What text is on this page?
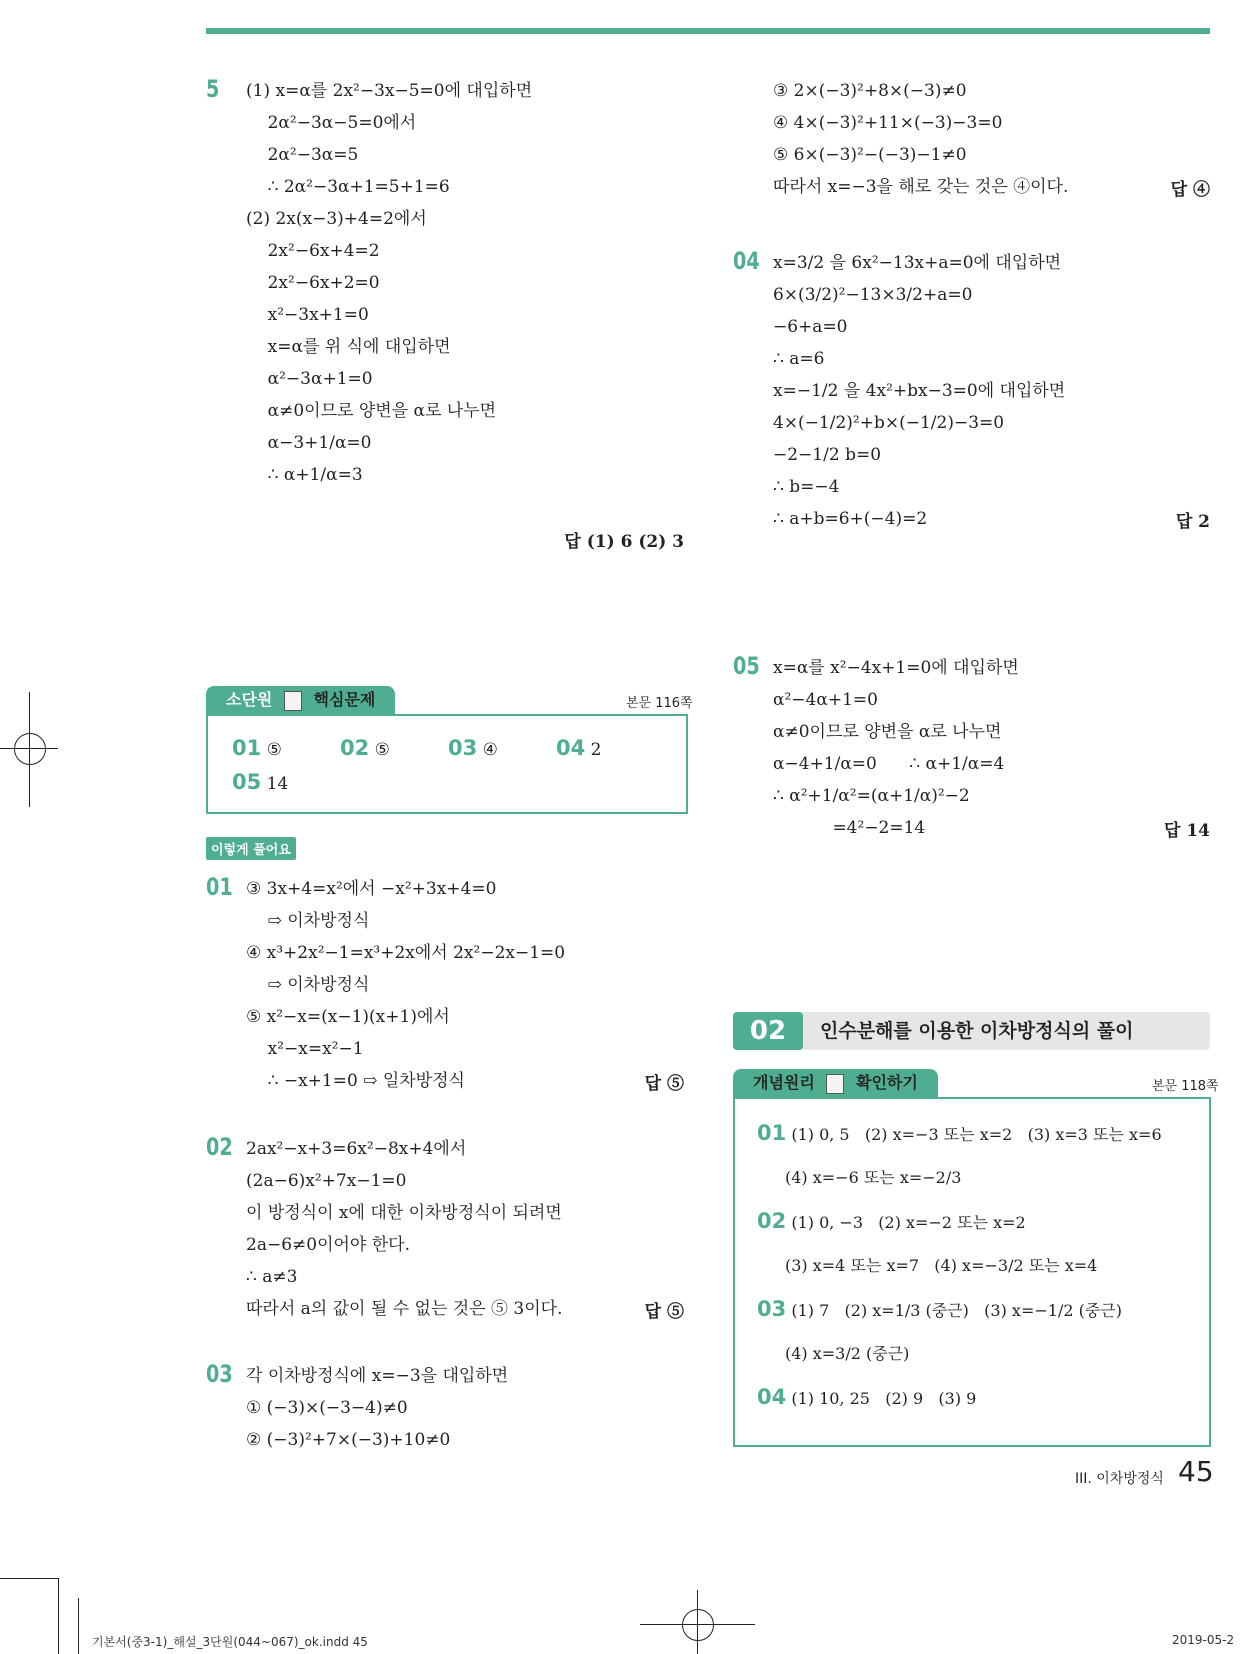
5 (1) x=α를 2x²−3x−5=0에 대입하면
2α²−3α−5=0에서
2α²−3α=5
∴ 2α²−3α+1=5+1=6
(2) 2x(x−3)+4=2에서
2x²−6x+4=2
2x²−6x+2=0
x²−3x+1=0
x=α를 위 식에 대입하면
α²−3α+1=0
α≠0이므로 양변을 α로 나누면
α−3+1/α=0
∴ α+1/α=3
답 (1) 6 (2) 3
01 ③ 3x+4=x²에서 −x²+3x+4=0
⇨ 이차방정식
④ x³+2x²−1=x³+2x에서 2x²−2x−1=0
⇨ 이차방정식
⑤ x²−x=(x−1)(x+1)에서
x²−x=x²−1
∴ −x+1=0 ⇨ 일차방정식	답 ⑤
02 2ax²−x+3=6x²−8x+4에서
(2a−6)x²+7x−1=0
이 방정식이 x에 대한 이차방정식이 되려면
2a−6≠0이어야 한다.
∴ a≠3
따라서 a의 값이 될 수 없는 것은 ⑤ 3이다.	답 ⑤
03 각 이차방정식에 x=−3을 대입하면
① (−3)×(−3−4)≠0
② (−3)²+7×(−3)+10≠0
③ 2×(−3)²+8×(−3)≠0
④ 4×(−3)²+11×(−3)−3=0
⑤ 6×(−3)²−(−3)−1≠0
따라서 x=−3을 해로 갖는 것은 ④이다.	답 ④
04 x=3/2 을 6x²−13x+a=0에 대입하면
6×(3/2)²−13×3/2+a=0
−6+a=0
∴ a=6
x=−1/2 을 4x²+bx−3=0에 대입하면
4×(−1/2)²+b×(−1/2)−3=0
−2−1/2 b=0
∴ b=−4
∴ a+b=6+(−4)=2	답 2
05 x=α를 x²−4x+1=0에 대입하면
α²−4α+1=0
α≠0이므로 양변을 α로 나누면
α−4+1/α=0      ∴ α+1/α=4
∴ α²+1/α²=(α+1/α)²−2
=4²−2=14	답 14
소단원	핵심문제	본문 116쪽
01 ⑤	02 ⑤	03 ④	04 2
05 14
이렇게 풀어요
02	인수분해를 이용한 이차방정식의 풀이
개념원리	확인하기	본문 118쪽
01 (1) 0, 5   (2) x=−3 또는 x=2   (3) x=3 또는 x=6
(4) x=−6 또는 x=−2/3
02 (1) 0, −3   (2) x=−2 또는 x=2
(3) x=4 또는 x=7   (4) x=−3/2 또는 x=4
03 (1) 7   (2) x=1/3 (중근)   (3) x=−1/2 (중근)
(4) x=3/2 (중근)
04 (1) 10, 25   (2) 9   (3) 9
III. 이차방정식 45
기본서(중3-1)_해설_3단원(044~067)_ok.indd 45	2019-05-2
